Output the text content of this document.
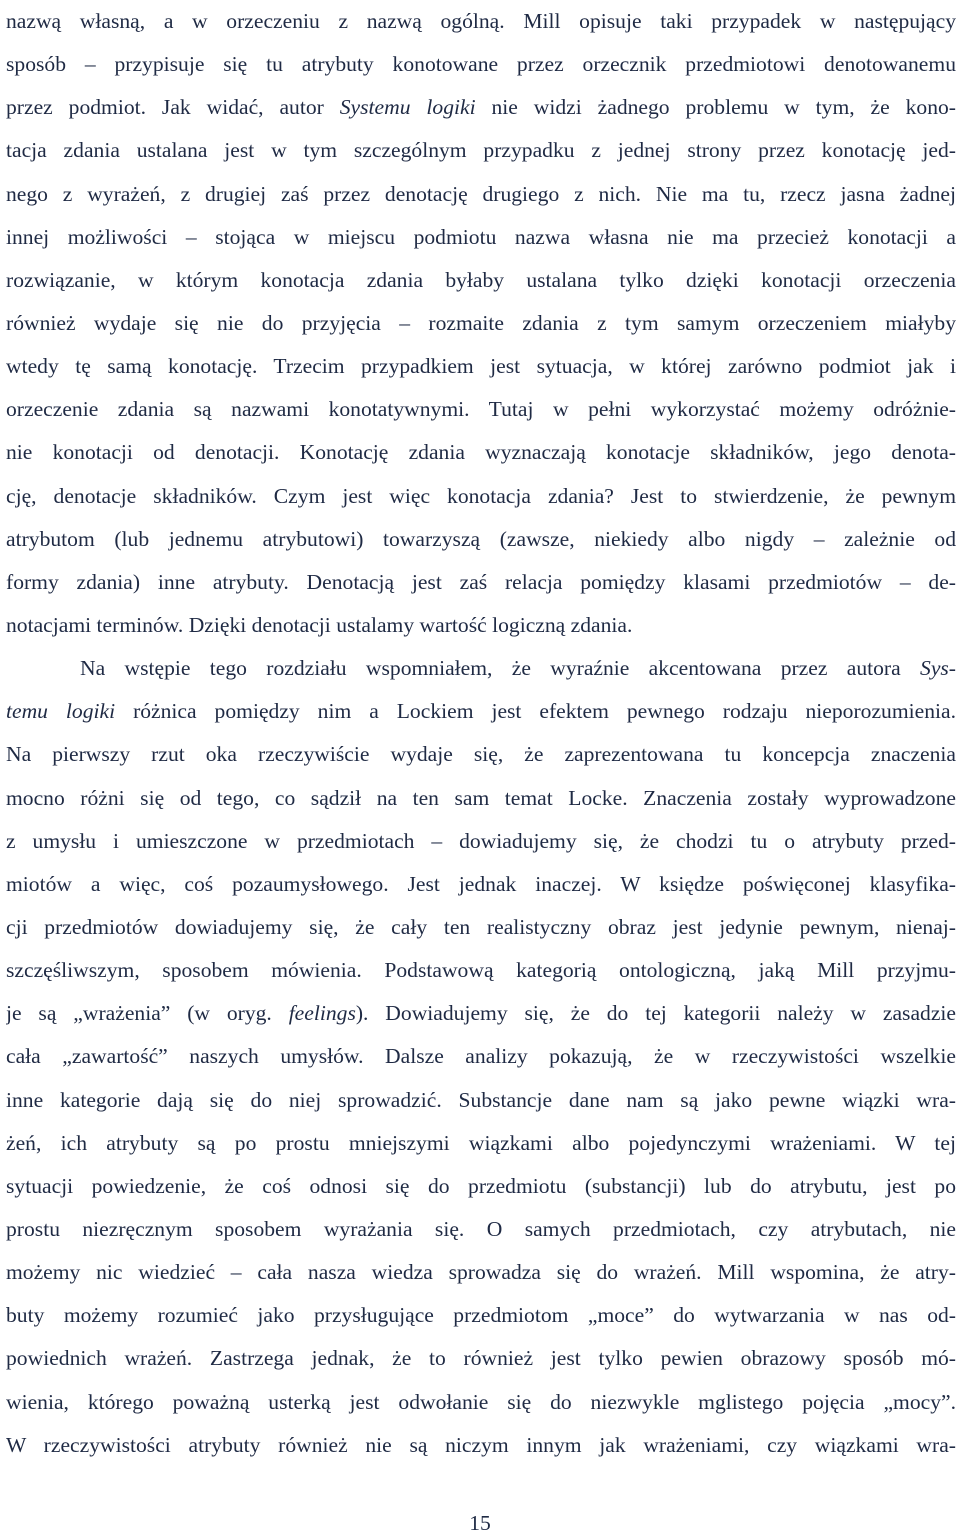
nazwą własną, a w orzeczeniu z nazwą ogólną. Mill opisuje taki przypadek w następujący
sposób – przypisuje się tu atrybuty konotowane przez orzecznik przedmiotowi denotowanemu
przez podmiot. Jak widać, autor Systemu logiki nie widzi żadnego problemu w tym, że kono-
tacja zdania ustalana jest w tym szczególnym przypadku z jednej strony przez konotację jed-
nego z wyrażeń, z drugiej zaś przez denotację drugiego z nich. Nie ma tu, rzecz jasna żadnej
innej możliwości – stojąca w miejscu podmiotu nazwa własna nie ma przecież konotacji a
rozwiązanie, w którym konotacja zdania byłaby ustalana tylko dzięki konotacji orzeczenia
również wydaje się nie do przyjęcia – rozmaite zdania z tym samym orzeczeniem miałyby
wtedy tę samą konotację. Trzecim przypadkiem jest sytuacja, w której zarówno podmiot jak i
orzeczenie zdania są nazwami konotatywnymi. Tutaj w pełni wykorzystać możemy odróżnie-
nie konotacji od denotacji. Konotację zdania wyznaczają konotacje składników, jego denota-
cję, denotacje składników. Czym jest więc konotacja zdania? Jest to stwierdzenie, że pewnym
atrybutom (lub jednemu atrybutowi) towarzyszą (zawsze, niekiedy albo nigdy – zależnie od
formy zdania) inne atrybuty. Denotacją jest zaś relacja pomiędzy klasami przedmiotów – de-
notacjami terminów. Dzięki denotacji ustalamy wartość logiczną zdania.
Na wstępie tego rozdziału wspomniałem, że wyraźnie akcentowana przez autora Sys-
temu logiki różnica pomiędzy nim a Lockiem jest efektem pewnego rodzaju nieporozumienia.
Na pierwszy rzut oka rzeczywiście wydaje się, że zaprezentowana tu koncepcja znaczenia
mocno różni się od tego, co sądził na ten sam temat Locke. Znaczenia zostały wyprowadzone
z umysłu i umieszczone w przedmiotach – dowiadujemy się, że chodzi tu o atrybuty przed-
miotów a więc, coś pozaumysłowego. Jest jednak inaczej. W księdze poświęconej klasyfika-
cji przedmiotów dowiadujemy się, że cały ten realistyczny obraz jest jedynie pewnym, nienaj-
szczęśliwszym, sposobem mówienia. Podstawową kategorią ontologiczną, jaką Mill przyjmu-
je są „wrażenia” (w oryg. feelings). Dowiadujemy się, że do tej kategorii należy w zasadzie
cała „zawartość” naszych umysłów. Dalsze analizy pokazują, że w rzeczywistości wszelkie
inne kategorie dają się do niej sprowadzić. Substancje dane nam są jako pewne wiązki wra-
żeń, ich atrybuty są po prostu mniejszymi wiązkami albo pojedynczymi wrażeniami. W tej
sytuacji powiedzenie, że coś odnosi się do przedmiotu (substancji) lub do atrybutu, jest po
prostu niezręcznym sposobem wyrażania się. O samych przedmiotach, czy atrybutach, nie
możemy nic wiedzieć – cała nasza wiedza sprowadza się do wrażeń. Mill wspomina, że atry-
buty możemy rozumieć jako przysługujące przedmiotom „moce” do wytwarzania w nas od-
powiednich wrażeń. Zastrzega jednak, że to również jest tylko pewien obrazowy sposób mó-
wienia, którego poważną usterką jest odwołanie się do niezwykle mglistego pojęcia „mocy”.
W rzeczywistości atrybuty również nie są niczym innym jak wrażeniami, czy wiązkami wra-
15
